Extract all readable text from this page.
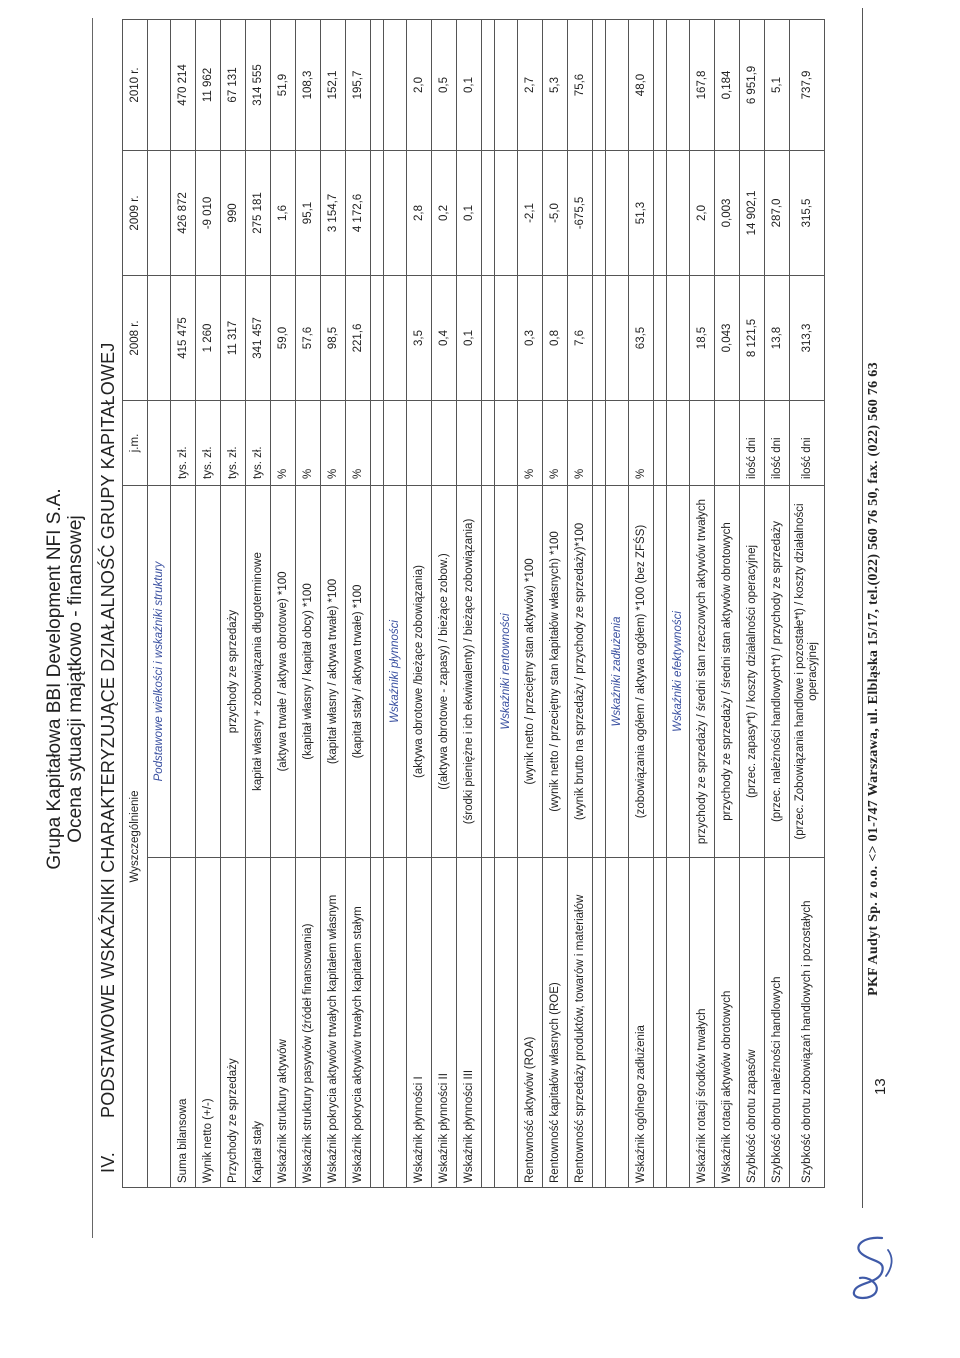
Grupa Kapitałowa BBI Development NFI S.A. Ocena sytuacji majątkowo - finansowej
IV.PODSTAWOWE WSKAŹNIKI CHARAKTERYZUJĄCE DZIAŁALNOŚĆ GRUPY KAPITAŁOWEJ Wyszczególnienie		j.m.	2008 r.	2009 r.	2010 r.
	Podstawowe wielkości i wskaźniki struktury				
Suma bilansowa		tys. zł.	415 475	426 872	470 214
Wynik netto (+/-)		tys. zł.	1 260	-9 010	11 962
Przychody ze sprzedaży	przychody ze sprzedaży	tys. zł.	11 317	990	67 131
Kapitał stały	kapitał własny + zobowiązania długoterminowe	tys. zł.	341 457	275 181	314 555
Wskaźnik struktury aktywów	(aktywa trwałe / aktywa obrotowe) *100	%	59,0	1,6	51,9
Wskaźnik struktury pasywów (źródeł finansowania)	(kapitał własny / kapitał obcy) *100	%	57,6	95,1	108,3
Wskaźnik pokrycia aktywów trwałych kapitałem własnym	(kapitał własny / aktywa trwałe) *100	%	98,5	3 154,7	152,1
Wskaźnik pokrycia aktywów trwałych kapitałem stałym	(kapitał stały / aktywa trwałe) *100	%	221,6	4 172,6	195,7

	Wskaźniki płynności				
Wskaźnik płynności I	(aktywa obrotowe /bieżące zobowiązania)		3,5	2,8	2,0
Wskaźnik płynności II	((aktywa obrotowe - zapasy) / bieżące zobow.)		0,4	0,2	0,5
Wskaźnik płynności III	(środki pieniężne i ich ekwiwalenty) / bieżące zobowiązania)		0,1	0,1	0,1

	Wskaźniki rentowności				
Rentowność aktywów (ROA)	(wynik netto / przeciętny stan aktywów) *100	%	0,3	-2,1	2,7
Rentowność kapitałów własnych (ROE)	(wynik netto / przeciętny stan kapitałów własnych) *100	%	0,8	-5,0	5,3
Rentowność sprzedaży produktów, towarów i materiałów	(wynik brutto na sprzedaży / przychody ze sprzedaży)*100	%	7,6	-675,5	75,6

	Wskaźniki zadłużenia				
Wskaźnik ogólnego zadłużenia	(zobowiązania ogółem / aktywa ogółem) *100 (bez ZFŚS)	%	63,5	51,3	48,0

	Wskaźniki efektywności				
Wskaźnik rotacji środków trwałych	przychody ze sprzedaży / średni stan rzeczowych aktywów trwałych		18,5	2,0	167,8
Wskaźnik rotacji aktywów obrotowych	przychody ze sprzedaży / średni stan aktywów obrotowych		0,043	0,003	0,184
Szybkość obrotu zapasów	(przec. zapasy*t) / koszty działalności operacyjnej	ilość dni	8 121,5	14 902,1	6 951,9
Szybkość obrotu należności handlowych	(przec. należności handlowych*t) / przychody ze sprzedaży	ilość dni	13,8	287,0	5,1
Szybkość obrotu zobowiązań handlowych i pozostałych	(przec. Zobowiązania handlowe i pozostałe*t) / koszty działalności operacyjnej	ilość dni	313,3	315,5	737,9
PKF Audyt Sp. z o.o. <> 01-747 Warszawa, ul. Elbląska 15/17, tel.(022) 560 76 50, fax. (022) 560 76 63
13
